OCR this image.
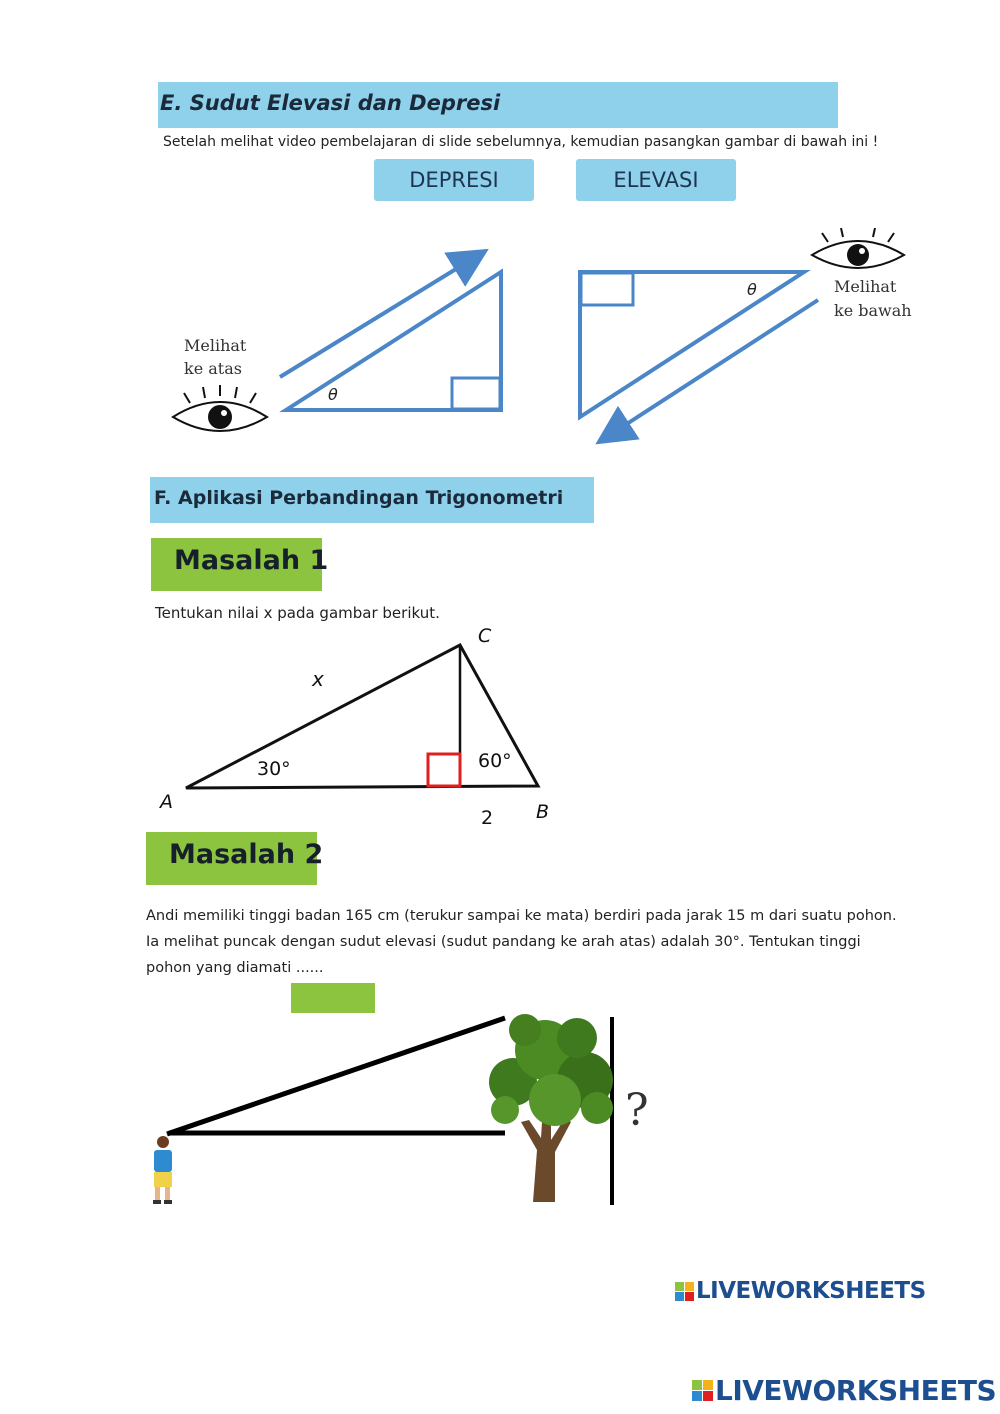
E. Sudut Elevasi dan Depresi
Setelah melihat video pembelajaran di slide sebelumnya, kemudian pasangkan gambar di bawah ini !
DEPRESI	ELEVASI
θ
Melihat
ke atas
θ	Melihat
ke bawah
F. Aplikasi Perbandingan Trigonometri
Masalah 1
Tentukan nilai x pada gambar berikut.
C
A	B
x
30°	60°
2
Masalah 2
Andi memiliki tinggi badan 165 cm (terukur sampai ke mata) berdiri pada jarak 15 m dari suatu pohon.
Ia melihat puncak dengan sudut elevasi (sudut pandang ke arah atas) adalah 30°. Tentukan tinggi
pohon yang diamati ......
?
LIVEWORKSHEETS
LIVEWORKSHEETS
